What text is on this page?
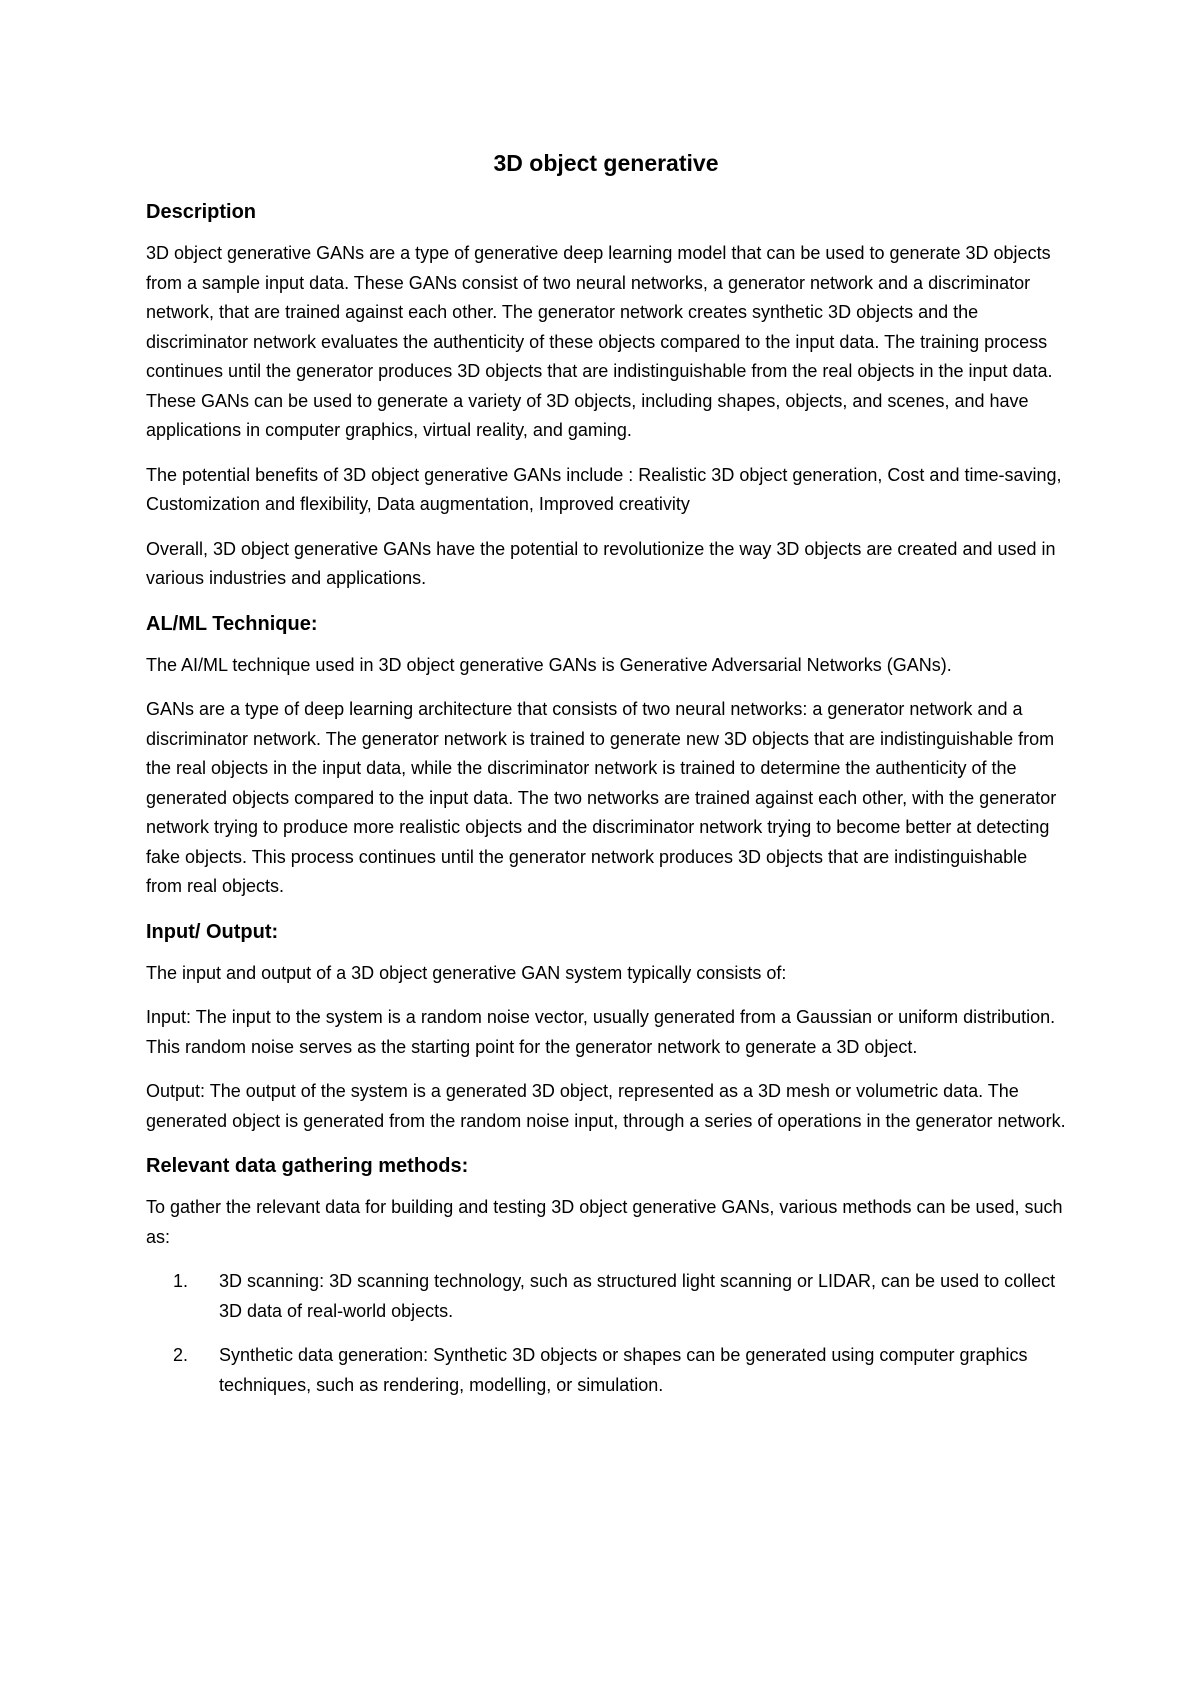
3D object generative
Description

3D object generative GANs are a type of generative deep learning model that can be used to generate 3D objects from a sample input data. These GANs consist of two neural networks, a generator network and a discriminator network, that are trained against each other. The generator network creates synthetic 3D objects and the discriminator network evaluates the authenticity of these objects compared to the input data. The training process continues until the generator produces 3D objects that are indistinguishable from the real objects in the input data. These GANs can be used to generate a variety of 3D objects, including shapes, objects, and scenes, and have applications in computer graphics, virtual reality, and gaming.

The potential benefits of 3D object generative GANs include : Realistic 3D object generation, Cost and time-saving, Customization and flexibility, Data augmentation, Improved creativity

Overall, 3D object generative GANs have the potential to revolutionize the way 3D objects are created and used in various industries and applications.

AL/ML Technique:

The AI/ML technique used in 3D object generative GANs is Generative Adversarial Networks (GANs).

GANs are a type of deep learning architecture that consists of two neural networks: a generator network and a discriminator network. The generator network is trained to generate new 3D objects that are indistinguishable from the real objects in the input data, while the discriminator network is trained to determine the authenticity of the generated objects compared to the input data. The two networks are trained against each other, with the generator network trying to produce more realistic objects and the discriminator network trying to become better at detecting fake objects. This process continues until the generator network produces 3D objects that are indistinguishable from real objects.

Input/ Output:

The input and output of a 3D object generative GAN system typically consists of:

Input: The input to the system is a random noise vector, usually generated from a Gaussian or uniform distribution. This random noise serves as the starting point for the generator network to generate a 3D object.

Output: The output of the system is a generated 3D object, represented as a 3D mesh or volumetric data. The generated object is generated from the random noise input, through a series of operations in the generator network.

Relevant data gathering methods:

To gather the relevant data for building and testing 3D object generative GANs, various methods can be used, such as:

1. 3D scanning: 3D scanning technology, such as structured light scanning or LIDAR, can be used to collect 3D data of real-world objects.
2. Synthetic data generation: Synthetic 3D objects or shapes can be generated using computer graphics techniques, such as rendering, modelling, or simulation.
